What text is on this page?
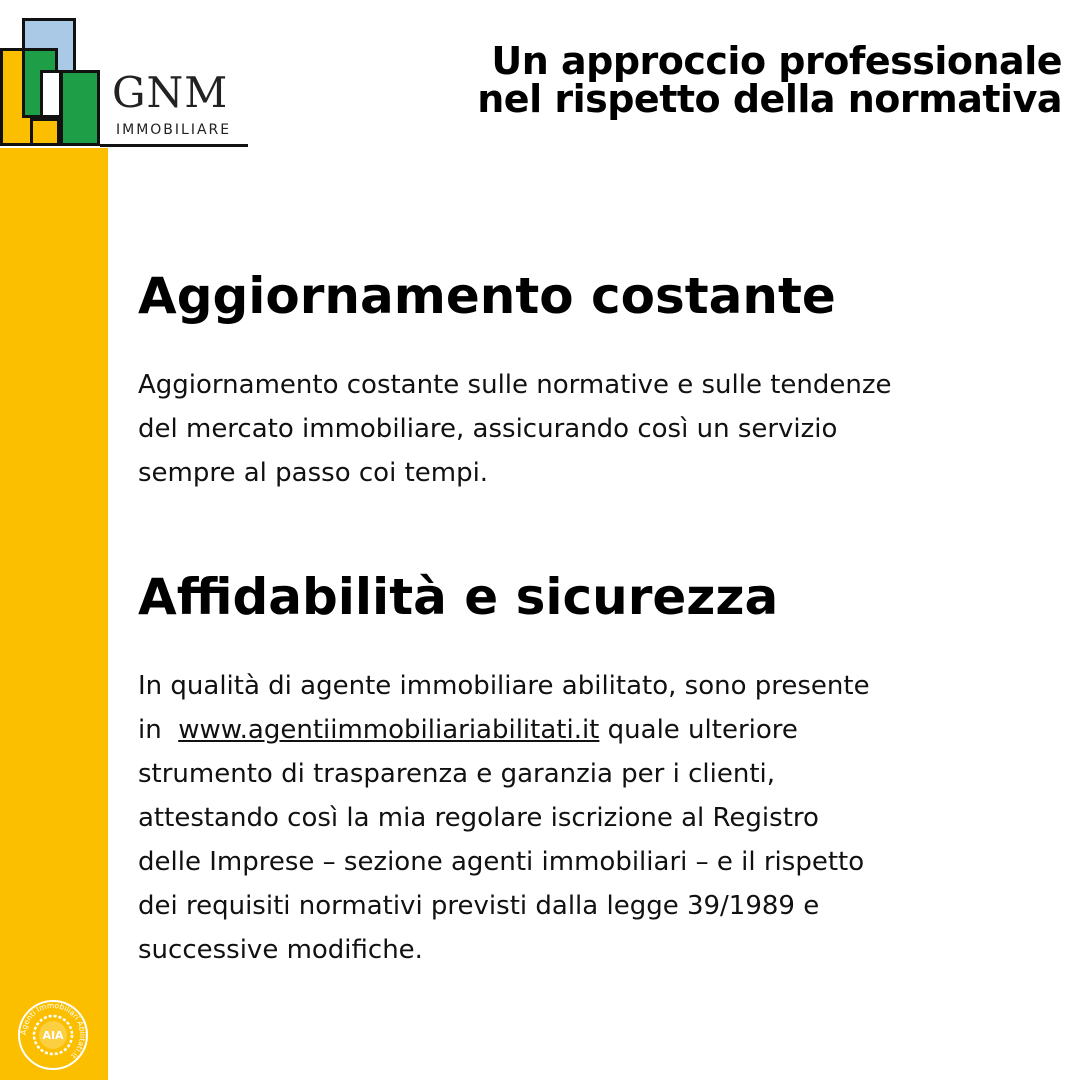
GNM
IMMOBILIARE
Un approccio professionale
nel rispetto della normativa
Aggiornamento costante
Aggiornamento costante sulle normative e sulle tendenze
del mercato immobiliare, assicurando così un servizio
sempre al passo coi tempi.
Affidabilità e sicurezza
In qualità di agente immobiliare abilitato, sono presente
in  www.agentiimmobiliariabilitati.it quale ulteriore
strumento di trasparenza e garanzia per i clienti,
attestando così la mia regolare iscrizione al Registro
delle Imprese – sezione agenti immobiliari – e il rispetto
dei requisiti normativi previsti dalla legge 39/1989 e
successive modifiche.
Agenti Immobiliari Abilitati.it
AIA
